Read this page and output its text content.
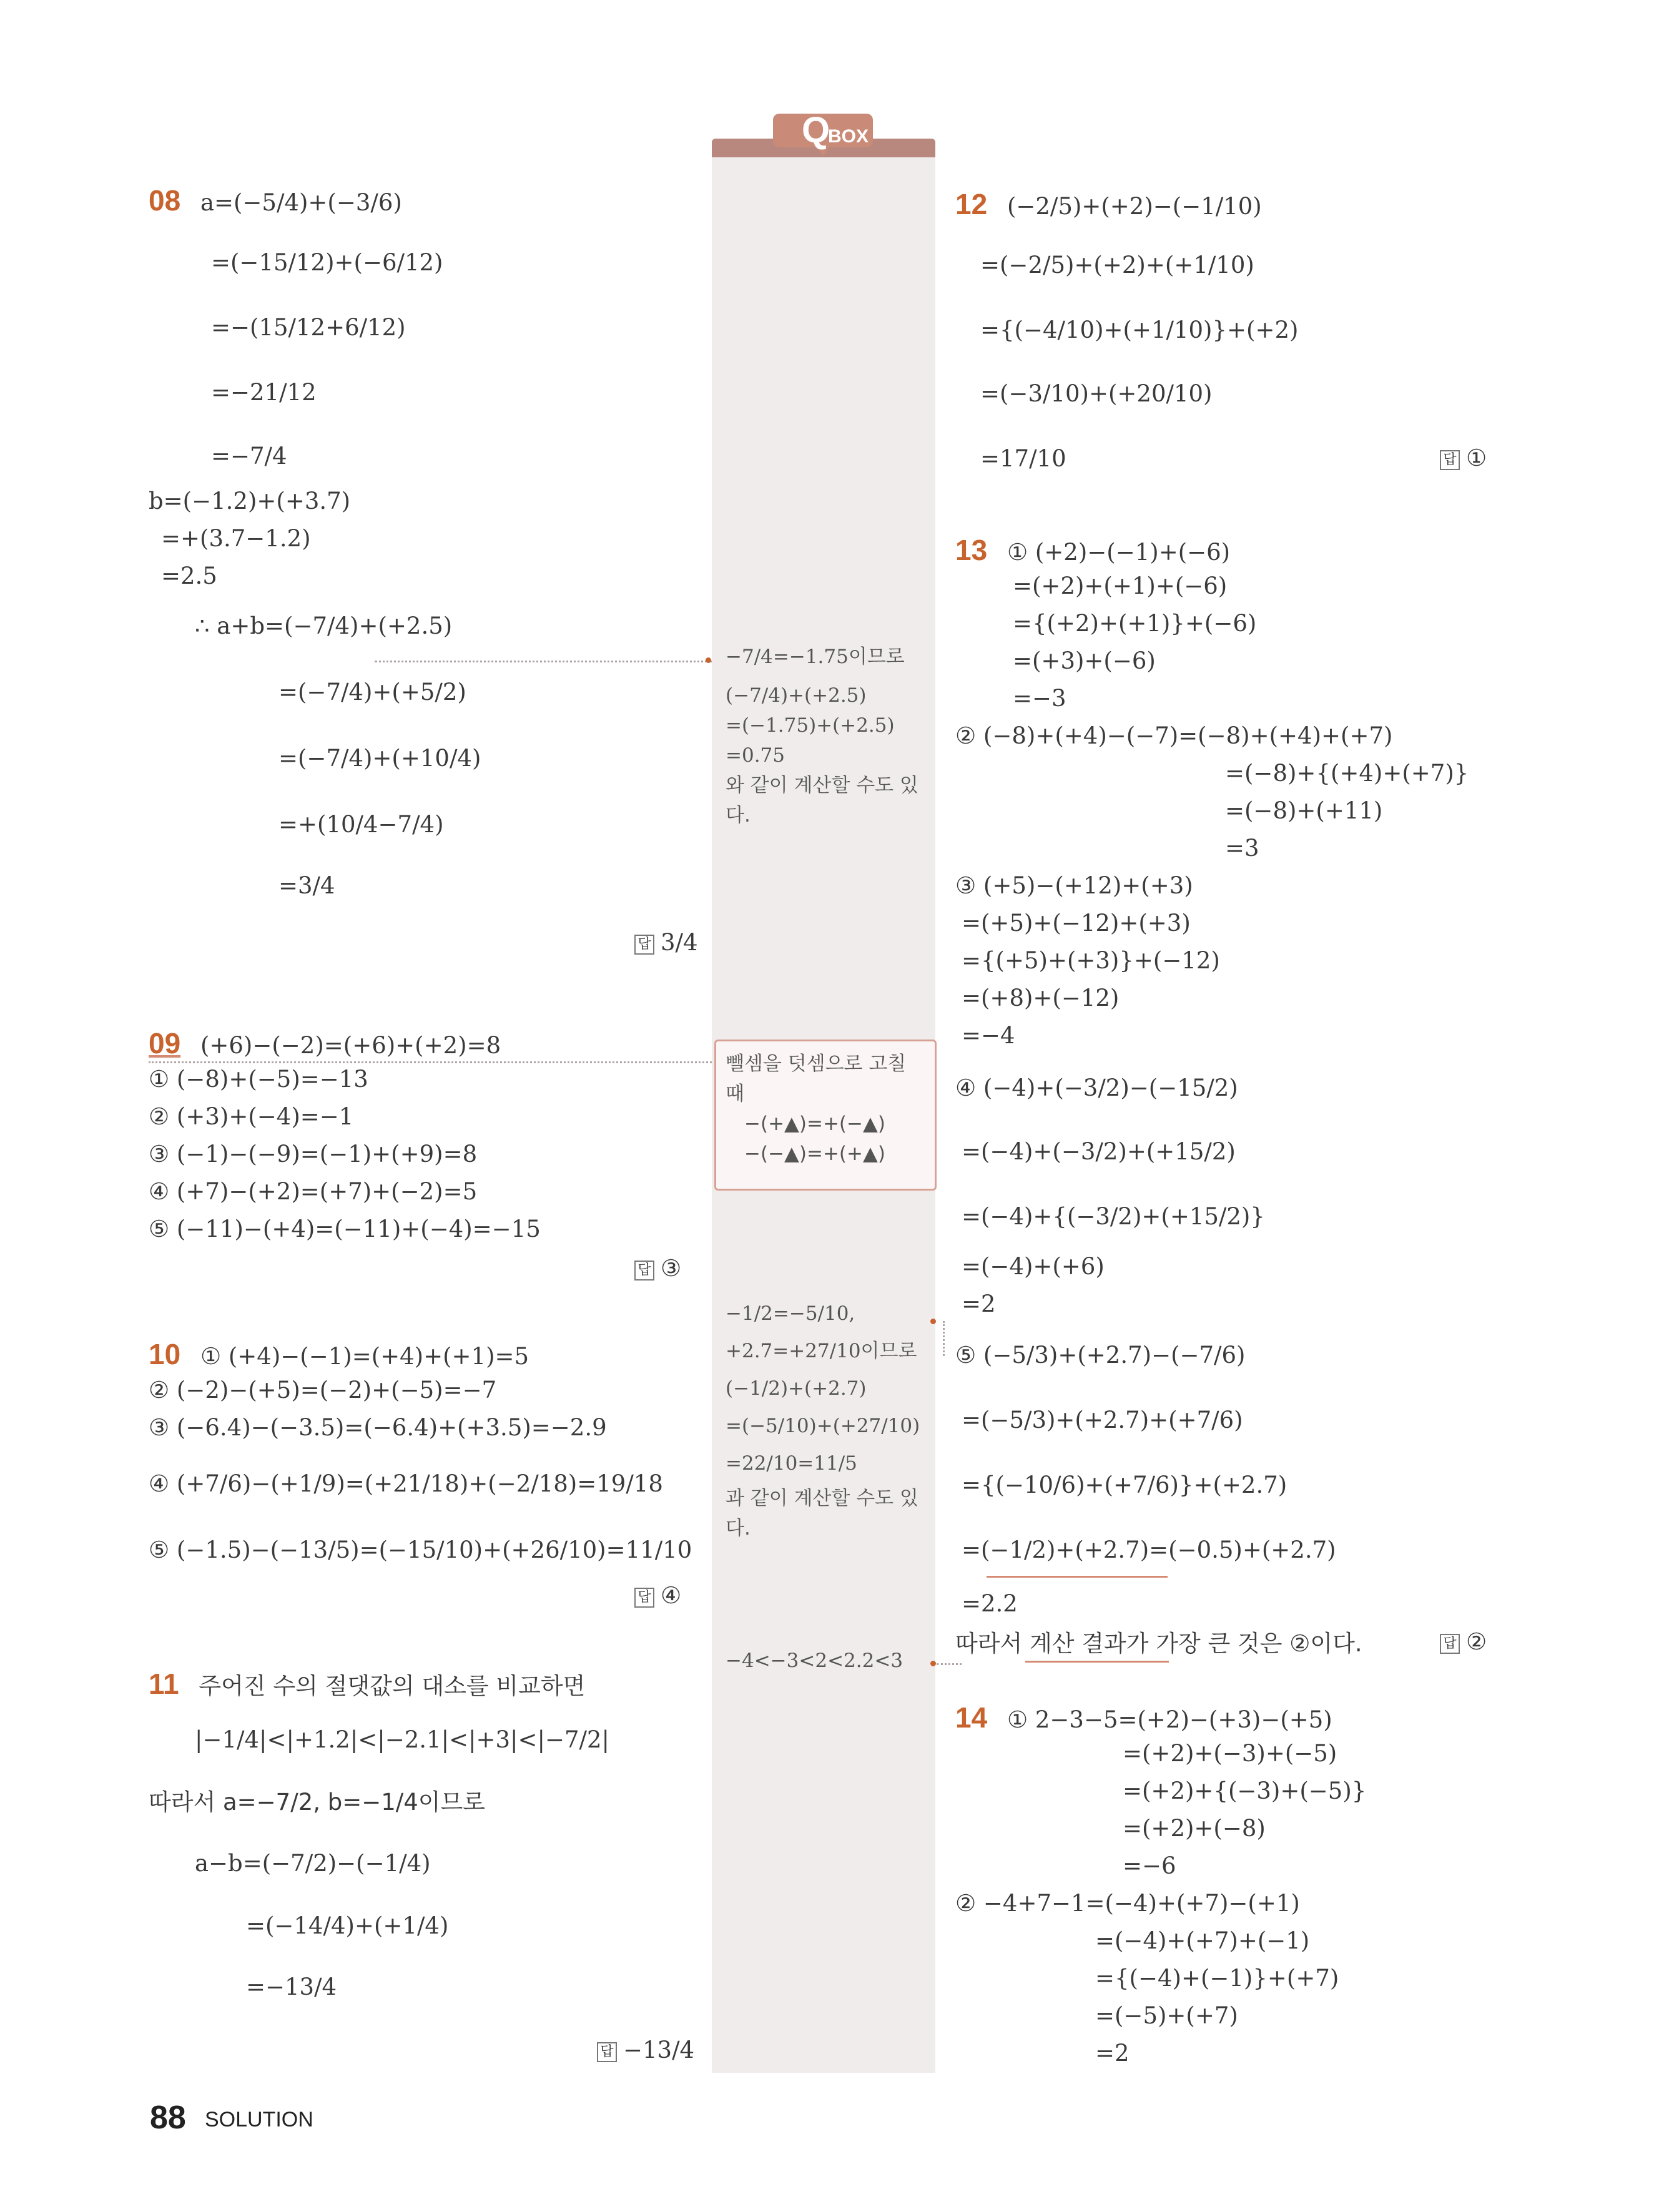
Q
BOX
08 a=(−5/4)+(−3/6)
=(−15/12)+(−6/12)
=−(15/12+6/12)
=−21/12
=−7/4
b=(−1.2)+(+3.7)
=+(3.7−1.2)
=2.5
∴ a+b=(−7/4)+(+2.5)
=(−7/4)+(+5/2)
=(−7/4)+(+10/4)
=+(10/4−7/4)
=3/4
답 3/4
09 (+6)−(−2)=(+6)+(+2)=8
① (−8)+(−5)=−13
② (+3)+(−4)=−1
③ (−1)−(−9)=(−1)+(+9)=8
④ (+7)−(+2)=(+7)+(−2)=5
⑤ (−11)−(+4)=(−11)+(−4)=−15
답 ③
10 ① (+4)−(−1)=(+4)+(+1)=5
② (−2)−(+5)=(−2)+(−5)=−7
③ (−6.4)−(−3.5)=(−6.4)+(+3.5)=−2.9
④ (+7/6)−(+1/9)=(+21/18)+(−2/18)=19/18
⑤ (−1.5)−(−13/5)=(−15/10)+(+26/10)=11/10
답 ④
11 주어진 수의 절댓값의 대소를 비교하면
|−1/4|<|+1.2|<|−2.1|<|+3|<|−7/2|
따라서 a=−7/2, b=−1/4이므로
a−b=(−7/2)−(−1/4)
=(−14/4)+(+1/4)
=−13/4
답 −13/4
−7/4=−1.75이므로
(−7/4)+(+2.5)
=(−1.75)+(+2.5)
=0.75
와 같이 계산할 수도 있
다.
뺄셈을 덧셈으로 고칠
때
−(+▲)=+(−▲)
−(−▲)=+(+▲)
−1/2=−5/10,
+2.7=+27/10이므로
(−1/2)+(+2.7)
=(−5/10)+(+27/10)
=22/10=11/5
과 같이 계산할 수도 있
다.
−4<−3<2<2.2<3
12 (−2/5)+(+2)−(−1/10)
=(−2/5)+(+2)+(+1/10)
={(−4/10)+(+1/10)}+(+2)
=(−3/10)+(+20/10)
=17/10	답 ①
13 ① (+2)−(−1)+(−6)
=(+2)+(+1)+(−6)
={(+2)+(+1)}+(−6)
=(+3)+(−6)
=−3
② (−8)+(+4)−(−7)=(−8)+(+4)+(+7)
=(−8)+{(+4)+(+7)}
=(−8)+(+11)
=3
③ (+5)−(+12)+(+3)
=(+5)+(−12)+(+3)
={(+5)+(+3)}+(−12)
=(+8)+(−12)
=−4
④ (−4)+(−3/2)−(−15/2)
=(−4)+(−3/2)+(+15/2)
=(−4)+{(−3/2)+(+15/2)}
=(−4)+(+6)
=2
⑤ (−5/3)+(+2.7)−(−7/6)
=(−5/3)+(+2.7)+(+7/6)
={(−10/6)+(+7/6)}+(+2.7)
=(−1/2)+(+2.7)=(−0.5)+(+2.7)
=2.2
따라서 계산 결과가 가장 큰 것은 ②이다.	답 ②
14 ① 2−3−5=(+2)−(+3)−(+5)
=(+2)+(−3)+(−5)
=(+2)+{(−3)+(−5)}
=(+2)+(−8)
=−6
② −4+7−1=(−4)+(+7)−(+1)
=(−4)+(+7)+(−1)
={(−4)+(−1)}+(+7)
=(−5)+(+7)
=2
88 SOLUTION
